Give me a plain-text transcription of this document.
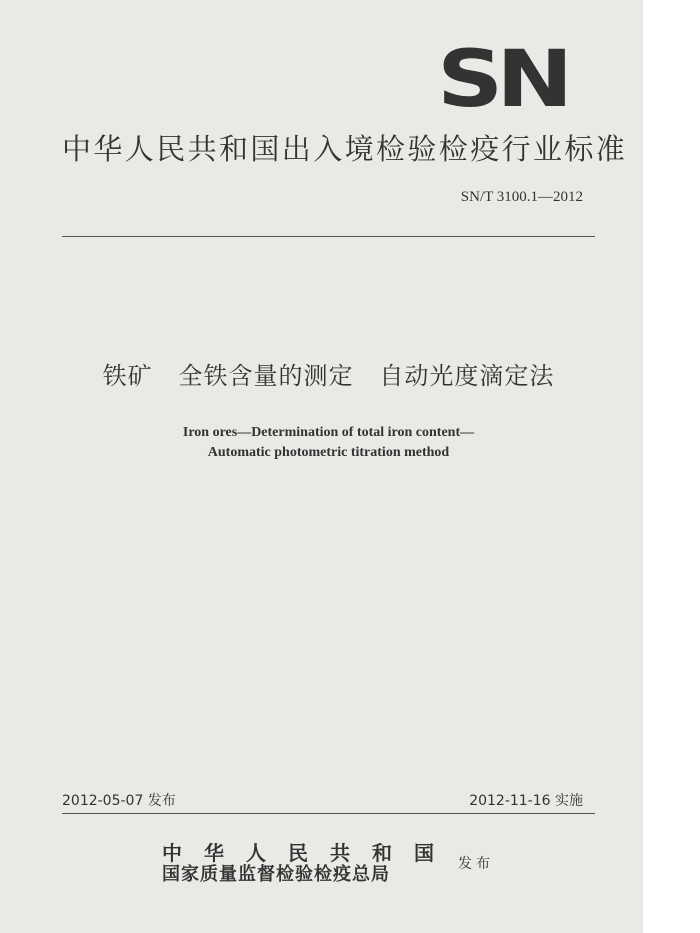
SN
中华人民共和国出入境检验检疫行业标准
SN/T 3100.1—2012
铁矿   全铁含量的测定   自动光度滴定法
Iron ores—Determination of total iron content—
Automatic photometric titration method
2012-05-07 发布	2012-11-16 实施
中华人民共和国
国家质量监督检验检疫总局	发布
